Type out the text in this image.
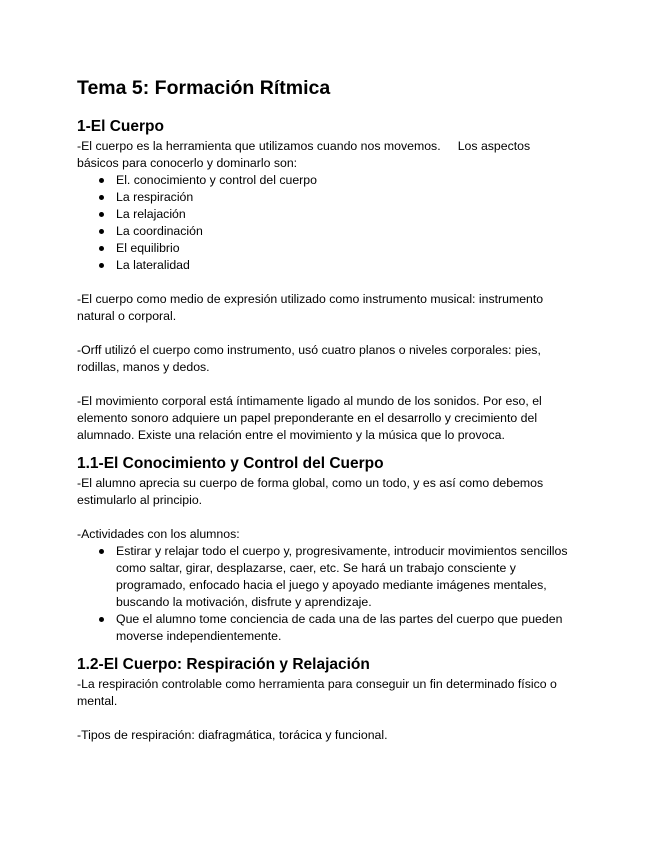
Tema 5: Formación Rítmica
1-El Cuerpo

-El cuerpo es la herramienta que utilizamos cuando nos movemos.     Los aspectos
básicos para conocerlo y dominarlo son:

El. conocimiento y control del cuerpo
La respiración
La relajación
La coordinación
El equilibrio
La lateralidad

-El cuerpo como medio de expresión utilizado como instrumento musical: instrumento natural o corporal.

-Orff utilizó el cuerpo como instrumento, usó cuatro planos o niveles corporales: pies, rodillas, manos y dedos.

-El movimiento corporal está íntimamente ligado al mundo de los sonidos. Por eso, el elemento sonoro adquiere un papel preponderante en el desarrollo y crecimiento del alumnado. Existe una relación entre el movimiento y la música que lo provoca.

1.1-El Conocimiento y Control del Cuerpo

-El alumno aprecia su cuerpo de forma global, como un todo, y es así como debemos estimularlo al principio.

-Actividades con los alumnos:

Estirar y relajar todo el cuerpo y, progresivamente, introducir movimientos sencillos como saltar, girar, desplazarse, caer, etc. Se hará un trabajo consciente y programado, enfocado hacia el juego y apoyado mediante imágenes mentales, buscando la motivación, disfrute y aprendizaje.
Que el alumno tome conciencia de cada una de las partes del cuerpo que pueden moverse independientemente.
1.2-El Cuerpo: Respiración y Relajación

-La respiración controlable como herramienta para conseguir un fin determinado físico o mental.

-Tipos de respiración: diafragmática, torácica y funcional.
